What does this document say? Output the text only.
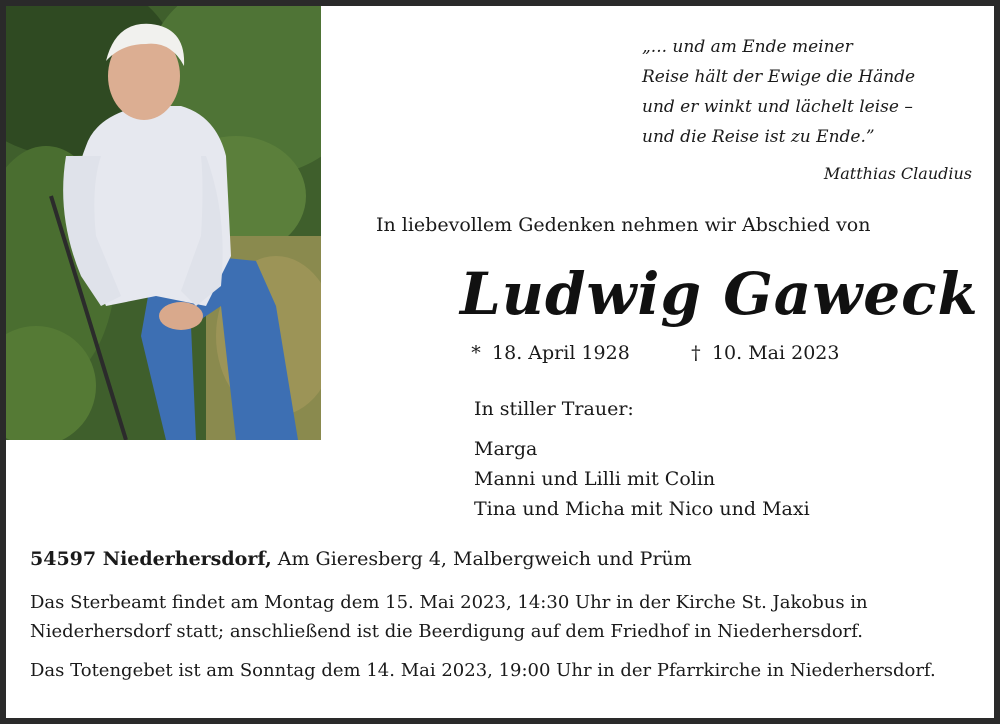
„... und am Ende meiner
Reise hält der Ewige die Hände
und er winkt und lächelt leise –
und die Reise ist zu Ende.”
Matthias Claudius
In liebevollem Gedenken nehmen wir Abschied von
Ludwig Gaweck
* 18. April 1928	† 10. Mai 2023
In stiller Trauer:
Marga
Manni und Lilli mit Colin
Tina und Micha mit Nico und Maxi
54597 Niederhersdorf, Am Gieresberg 4, Malbergweich und Prüm
Das Sterbeamt findet am Montag dem 15. Mai 2023, 14:30 Uhr in der Kirche St. Jakobus in Niederhersdorf statt; anschließend ist die Beerdigung auf dem Friedhof in Niederhersdorf.
Das Totengebet ist am Sonntag dem 14. Mai 2023, 19:00 Uhr in der Pfarrkirche in Niederhersdorf.
